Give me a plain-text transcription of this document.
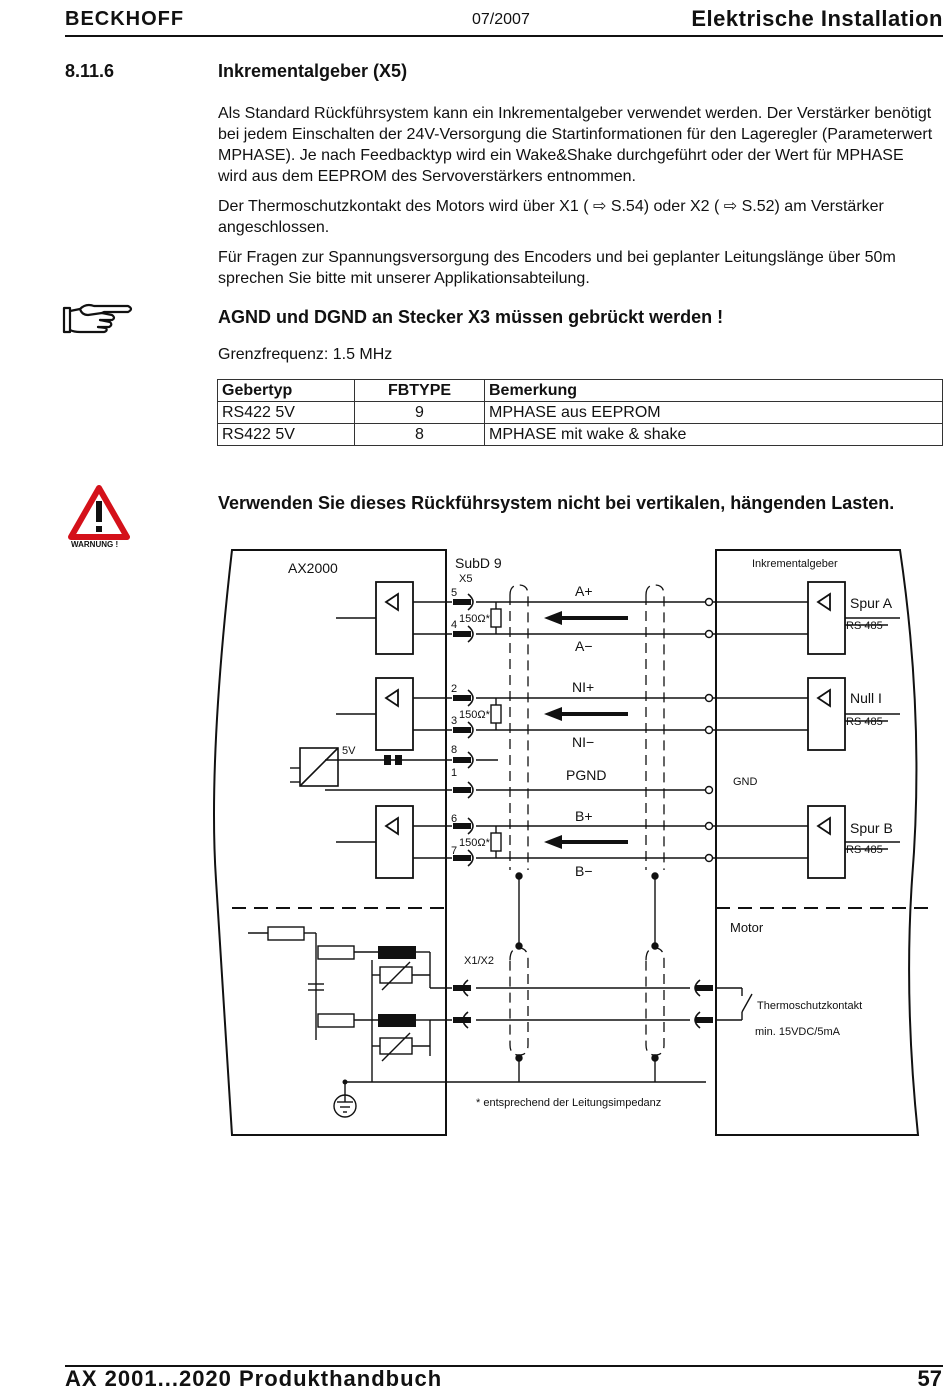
BECKHOFF	07/2007	Elektrische Installation
8.11.6	Inkrementalgeber (X5)

Als Standard Rückführsystem kann ein Inkrementalgeber verwendet werden. Der Verstärker benötigt bei jedem Einschalten der 24V-Versorgung die Startinformationen für den Lageregler (Parameterwert MPHASE). Je nach Feedbacktyp wird ein Wake&Shake durchgeführt oder der Wert für MPHASE wird aus dem EEPROM des Servoverstärkers entnommen.

Der Thermoschutzkontakt des Motors wird über X1 ( ⇨ S.54) oder X2 ( ⇨ S.52) am Verstärker angeschlossen.

Für Fragen zur Spannungsversorgung des Encoders und bei geplanter Leitungslänge über 50m sprechen Sie bitte mit unserer Applikationsabteilung.

AGND und DGND an Stecker X3 müssen gebrückt werden !
Grenzfrequenz: 1.5 MHz
Gebertyp	FBTYPE	Bemerkung
RS422 5V	9	MPHASE aus EEPROM
RS422 5V	8	MPHASE mit wake & shake
WARNUNG !
Verwenden Sie dieses Rückführsystem nicht bei vertikalen, hängenden Lasten.
AX2000	SubD 9
Motor
X5
Inkrementalgeber
5
4
2
3
8
1
6
7
150Ω*
150Ω*
150Ω*
5V
GND
X1/X2
RS 485
RS 485
RS 485
Thermoschutzkontakt
min. 15VDC/5mA
* entsprechend der Leitungsimpedanz
A+
A−
NI+
NI−
PGND
B+
B−
Spur A
Null I
Spur B
AX 2001...2020 Produkthandbuch	57
